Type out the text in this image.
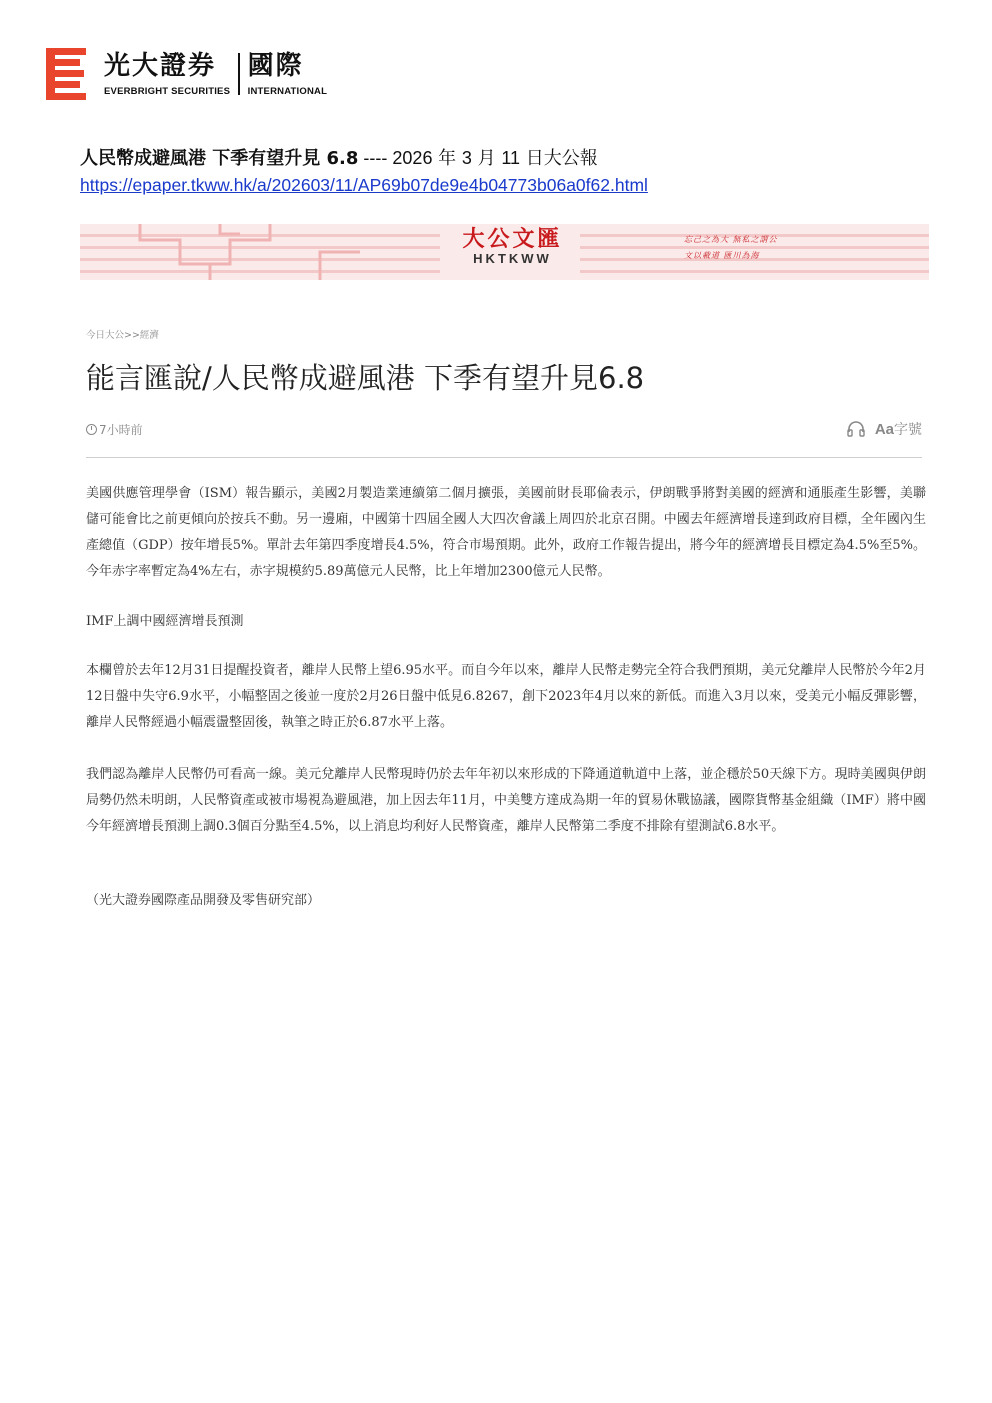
光大證券
EVERBRIGHT SECURITIES
國際
INTERNATIONAL
人民幣成避風港 下季有望升見 6.8 ---- 2026 年 3 月 11 日大公報
https://epaper.tkww.hk/a/202603/11/AP69b07de9e4b04773b06a0f62.html
大公文匯
HKTKWW
忘己之為大 無私之謂公
文以載道 匯川為海
今日大公>>經濟
能言匯說/人民幣成避風港 下季有望升見6.8
7小時前	Aa字號

美國供應管理學會（ISM）報告顯示，美國2月製造業連續第二個月擴張，美國前財長耶倫表示，伊朗戰爭將對美國的經濟和通脹產生影響，美聯儲可能會比之前更傾向於按兵不動。另一邊廂，中國第十四屆全國人大四次會議上周四於北京召開。中國去年經濟增長達到政府目標，全年國內生產總值（GDP）按年增長5%。單計去年第四季度增長4.5%，符合市場預期。此外，政府工作報告提出，將今年的經濟增長目標定為4.5%至5%。今年赤字率暫定為4%左右，赤字規模約5.89萬億元人民幣，比上年增加2300億元人民幣。

IMF上調中國經濟增長預測

本欄曾於去年12月31日提醒投資者，離岸人民幣上望6.95水平。而自今年以來，離岸人民幣走勢完全符合我們預期，美元兌離岸人民幣於今年2月12日盤中失守6.9水平，小幅整固之後並一度於2月26日盤中低見6.8267，創下2023年4月以來的新低。而進入3月以來，受美元小幅反彈影響，離岸人民幣經過小幅震盪整固後，執筆之時正於6.87水平上落。

我們認為離岸人民幣仍可看高一線。美元兌離岸人民幣現時仍於去年年初以來形成的下降通道軌道中上落，並企穩於50天線下方。現時美國與伊朗局勢仍然未明朗，人民幣資產或被市場視為避風港，加上因去年11月，中美雙方達成為期一年的貿易休戰協議，國際貨幣基金組織（IMF）將中國今年經濟增長預測上調0.3個百分點至4.5%，以上消息均利好人民幣資產，離岸人民幣第二季度不排除有望測試6.8水平。

（光大證券國際產品開發及零售研究部）
